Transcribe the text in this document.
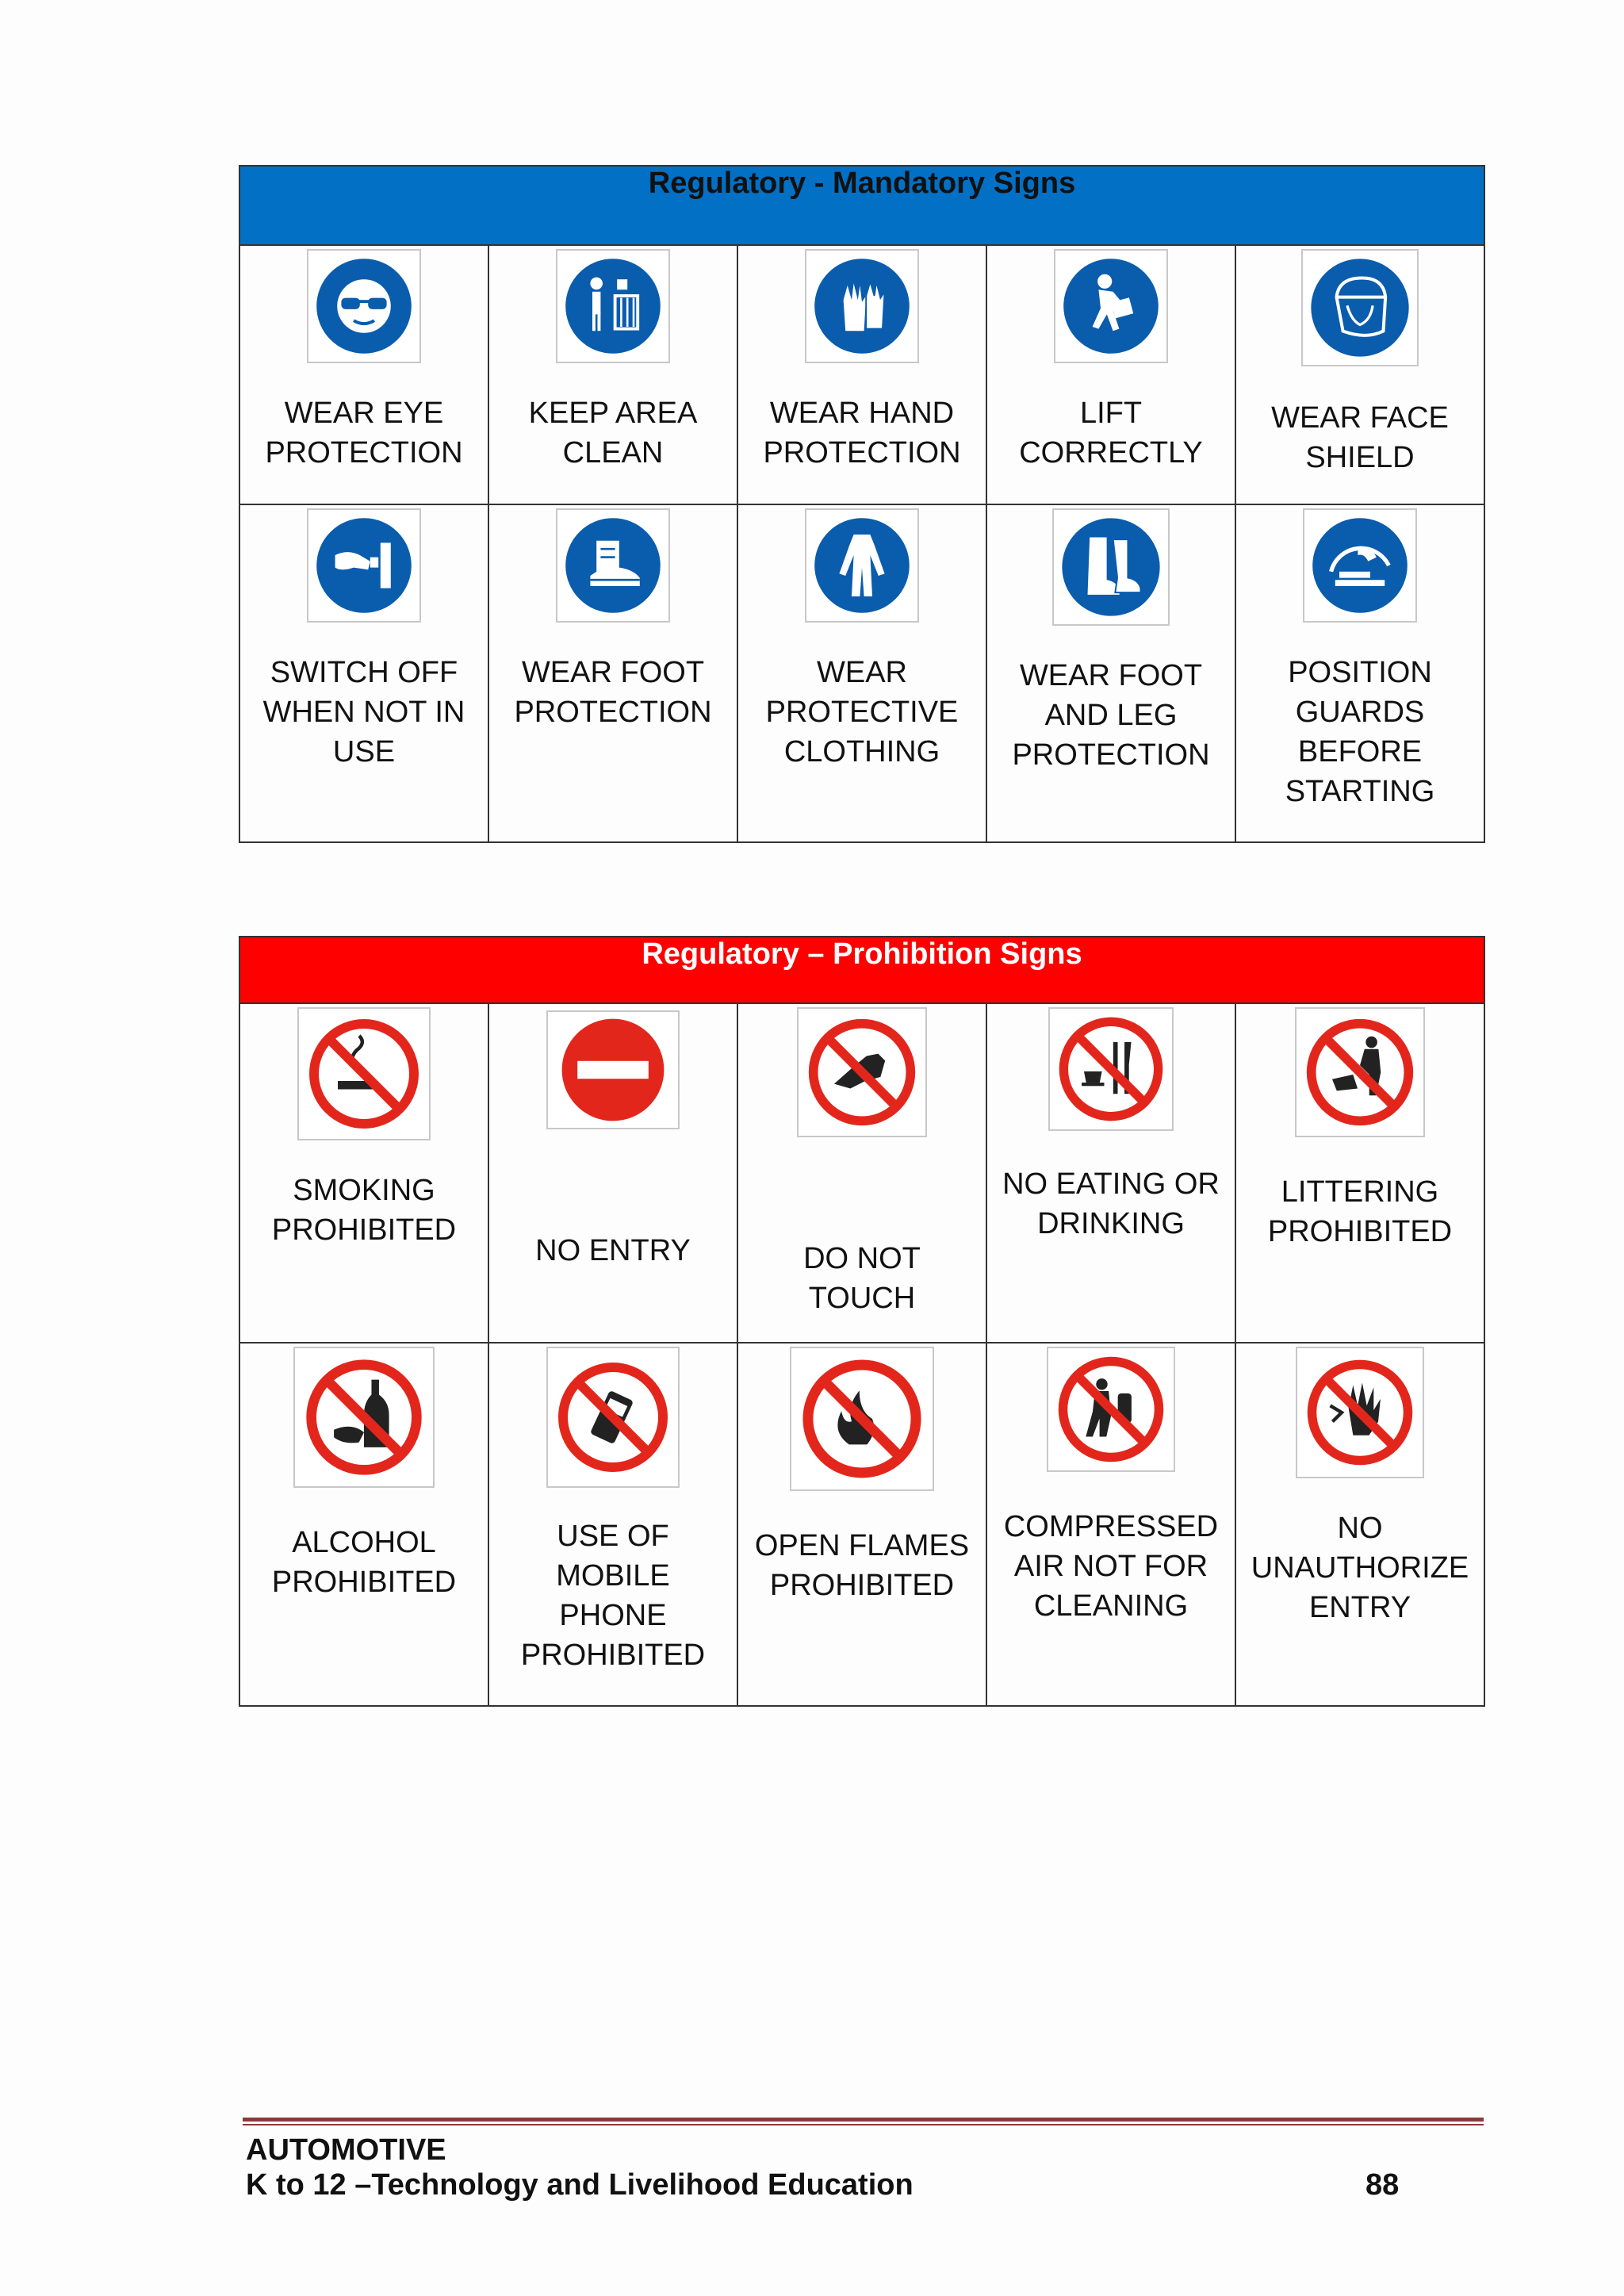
Regulatory - Mandatory Signs				

WEAR EYE
PROTECTION	KEEP AREA
CLEAN	WEAR HAND
PROTECTION	LIFT
CORRECTLY	WEAR FACE
SHIELD

SWITCH OFF
WHEN NOT IN
USE	WEAR FOOT
PROTECTION	WEAR
PROTECTIVE
CLOTHING	WEAR FOOT
AND LEG
PROTECTION	POSITION
GUARDS
BEFORE
STARTING
Regulatory – Prohibition Signs				

SMOKING
PROHIBITED	NO ENTRY	DO NOT
TOUCH	NO EATING OR
DRINKING	LITTERING
PROHIBITED

ALCOHOL
PROHIBITED	USE OF
MOBILE
PHONE
PROHIBITED	OPEN FLAMES
PROHIBITED	COMPRESSED
AIR NOT FOR
CLEANING	NO
UNAUTHORIZE
ENTRY
AUTOMOTIVE
K to 12 –Technology and Livelihood Education	88
